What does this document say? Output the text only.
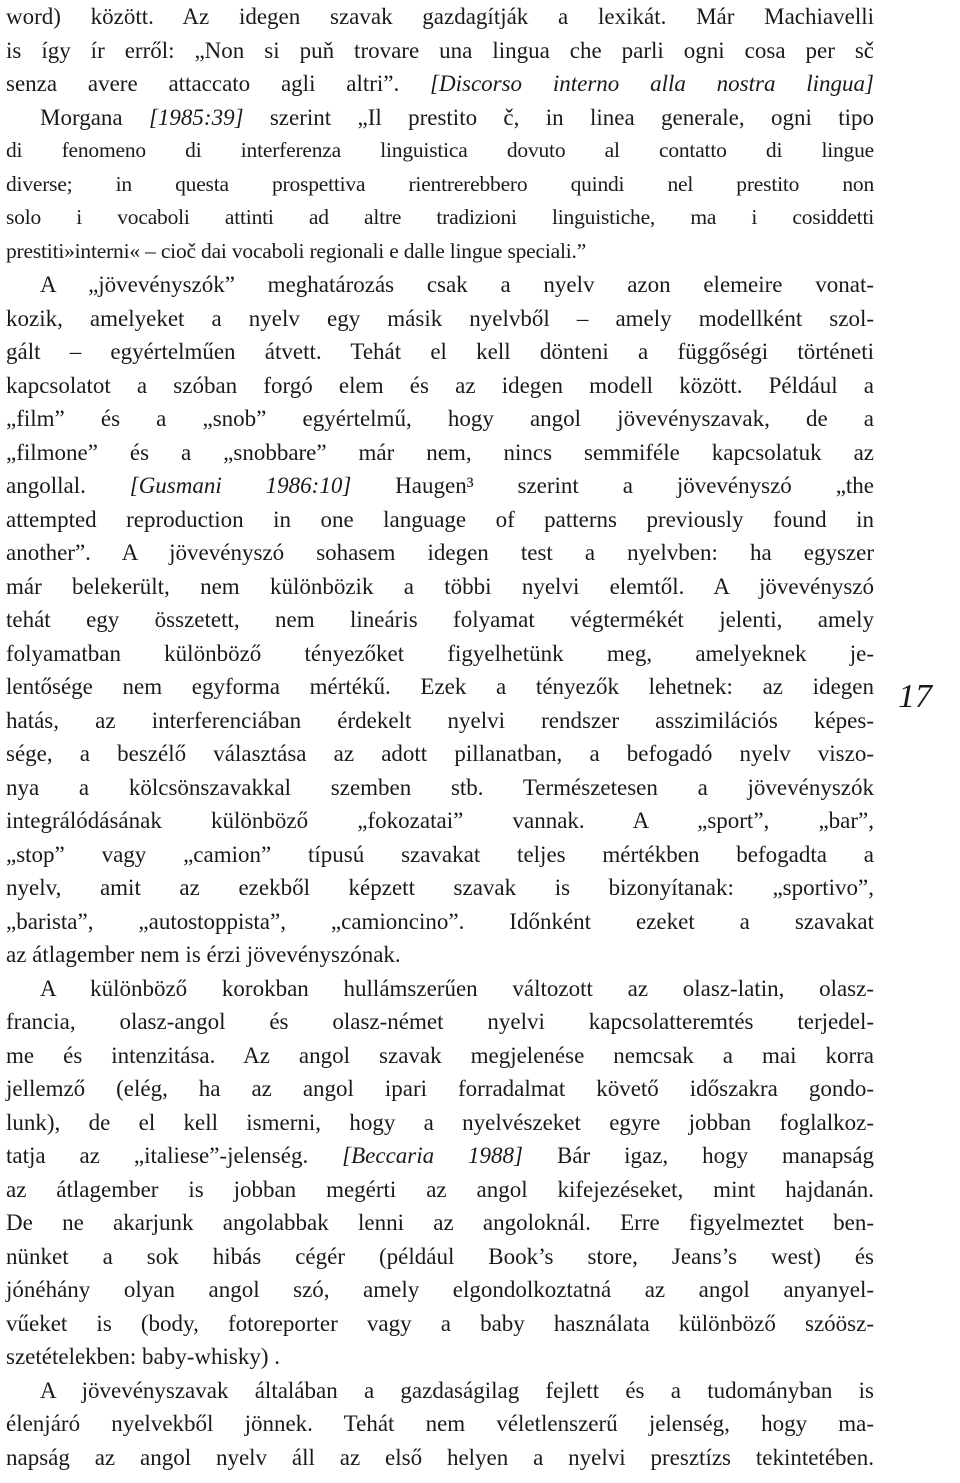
word) között. Az idegen szavak gazdagítják a lexikát. Már Machiavelli
is így ír erről: „Non si puň trovare una lingua che parli ogni cosa per sč
senza avere attaccato agli altri”. [Discorso interno alla nostra lingua]
Morgana [1985:39] szerint „Il prestito č, in linea generale, ogni tipo
di fenomeno di interferenza linguistica dovuto al contatto di lingue
diverse; in questa prospettiva rientrerebbero quindi nel prestito non
solo i vocaboli attinti ad altre tradizioni linguistiche, ma i cosiddetti
prestiti»interni« – cioč dai vocaboli regionali e dalle lingue speciali.”
A „jövevényszók” meghatározás csak a nyelv azon elemeire vonat-
kozik, amelyeket a nyelv egy másik nyelvből – amely modellként szol-
gált – egyértelműen átvett. Tehát el kell dönteni a függőségi történeti
kapcsolatot a szóban forgó elem és az idegen modell között. Például a
„film” és a „snob” egyértelmű, hogy angol jövevényszavak, de a
„filmone” és a „snobbare” már nem, nincs semmiféle kapcsolatuk az
angollal. [Gusmani 1986:10] Haugen³ szerint a jövevényszó „the
attempted reproduction in one language of patterns previously found in
another”. A jövevényszó sohasem idegen test a nyelvben: ha egyszer
már belekerült, nem különbözik a többi nyelvi elemtől. A jövevényszó
tehát egy összetett, nem lineáris folyamat végtermékét jelenti, amely
folyamatban különböző tényezőket figyelhetünk meg, amelyeknek je-
lentősége nem egyforma mértékű. Ezek a tényezők lehetnek: az idegen
hatás, az interferenciában érdekelt nyelvi rendszer asszimilációs képes-
sége, a beszélő választása az adott pillanatban, a befogadó nyelv viszo-
nya a kölcsönszavakkal szemben stb. Természetesen a jövevényszók
integrálódásának különböző „fokozatai” vannak. A „sport”, „bar”,
„stop” vagy „camion” típusú szavakat teljes mértékben befogadta a
nyelv, amit az ezekből képzett szavak is bizonyítanak: „sportivo”,
„barista”, „autostoppista”, „camioncino”. Időnként ezeket a szavakat
az átlagember nem is érzi jövevényszónak.
A különböző korokban hullámszerűen változott az olasz-latin, olasz-
francia, olasz-angol és olasz-német nyelvi kapcsolatteremtés terjedel-
me és intenzitása. Az angol szavak megjelenése nemcsak a mai korra
jellemző (elég, ha az angol ipari forradalmat követő időszakra gondo-
lunk), de el kell ismerni, hogy a nyelvészeket egyre jobban foglalkoz-
tatja az „italiese”-jelenség. [Beccaria 1988] Bár igaz, hogy manapság
az átlagember is jobban megérti az angol kifejezéseket, mint hajdanán.
De ne akarjunk angolabbak lenni az angoloknál. Erre figyelmeztet ben-
nünket a sok hibás cégér (például Book’s store, Jeans’s west) és
jónéhány olyan angol szó, amely elgondolkoztatná az angol anyanyel-
vűeket is (body, fotoreporter vagy a baby használata különböző szóösz-
szetételekben: baby-whisky) .
A jövevényszavak általában a gazdaságilag fejlett és a tudományban is
élenjáró nyelvekből jönnek. Tehát nem véletlenszerű jelenség, hogy ma-
napság az angol nyelv áll az első helyen a nyelvi presztízs tekintetében.
17
